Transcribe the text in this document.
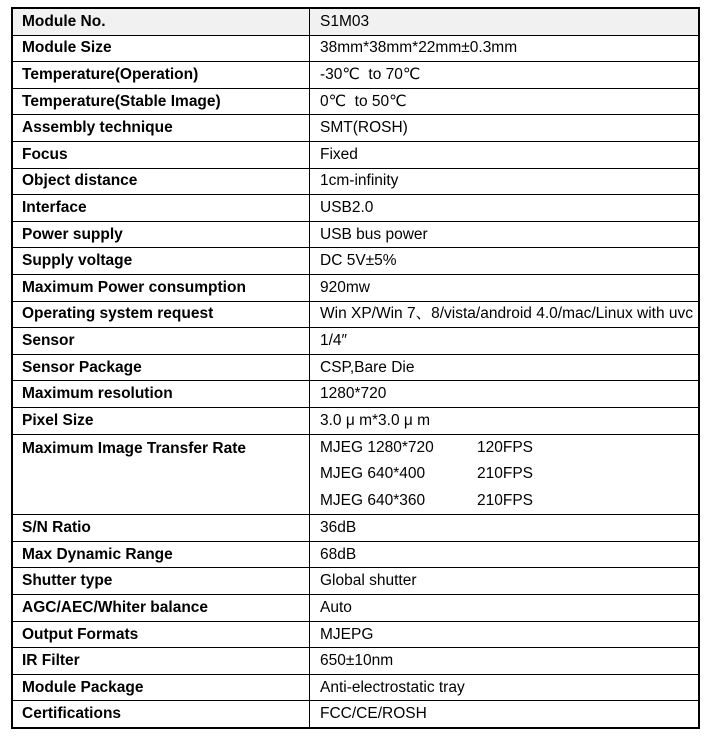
Module No.	S1M03
Module Size	38mm*38mm*22mm±0.3mm
Temperature(Operation)	-30℃  to 70℃
Temperature(Stable Image)	0℃  to 50℃
Assembly technique	SMT(ROSH)
Focus	Fixed
Object distance	1cm-infinity
Interface	USB2.0
Power supply	USB bus power
Supply voltage	DC 5V±5%
Maximum Power consumption	920mw
Operating system request	Win XP/Win 7、8/vista/android 4.0/mac/Linux with uvc
Sensor	1/4″
Sensor Package	CSP,Bare Die
Maximum resolution	1280*720
Pixel Size	3.0 μ m*3.0 μ m
Maximum Image Transfer Rate	MJEG 1280*720 120FPS
MJEG 640*400 210FPS
MJEG 640*360 210FPS

S/N Ratio	36dB
Max Dynamic Range	68dB
Shutter type	Global shutter
AGC/AEC/Whiter balance	Auto
Output Formats	MJEPG
IR Filter	650±10nm
Module Package	Anti-electrostatic tray
Certifications	FCC/CE/ROSH
